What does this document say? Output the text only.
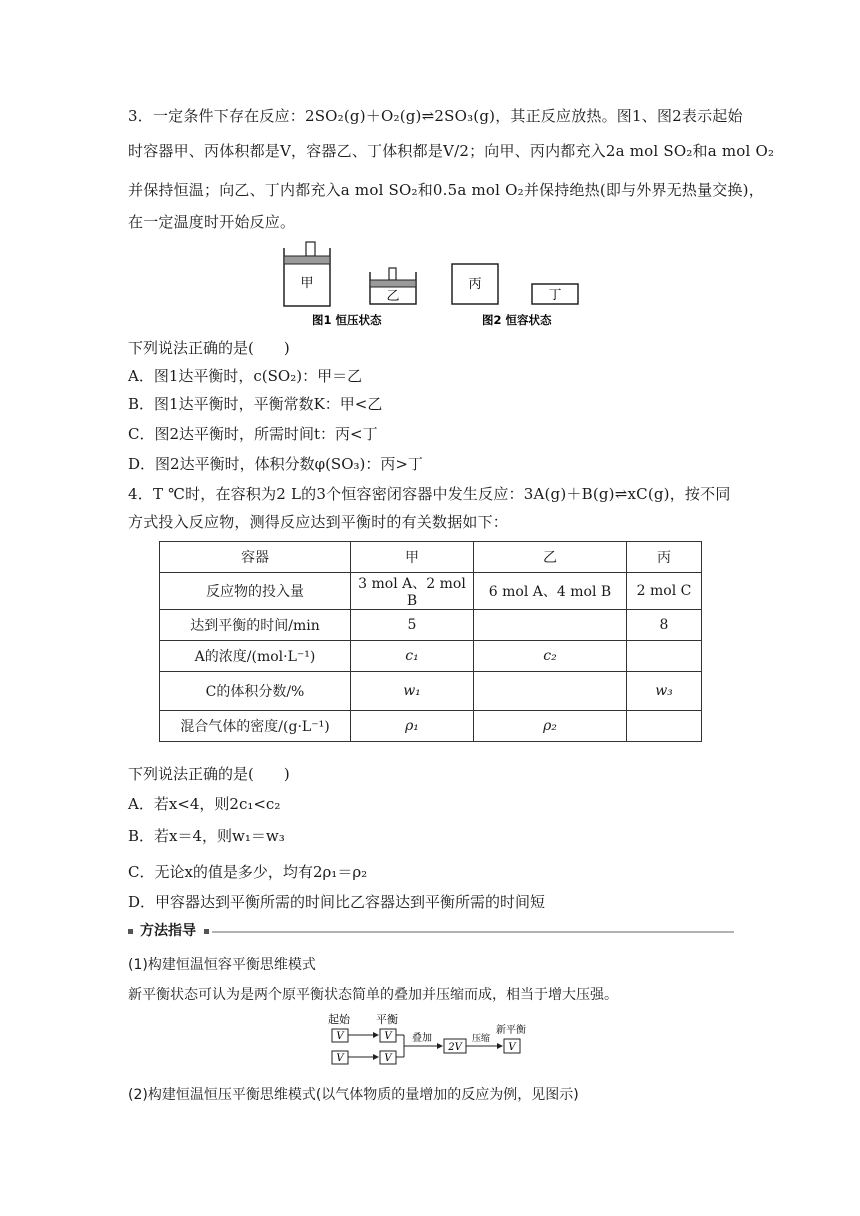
3．一定条件下存在反应：2SO₂(g)＋O₂(g)⇌2SO₃(g)，其正反应放热。图1、图2表示起始
时容器甲、丙体积都是V，容器乙、丁体积都是V/2；向甲、丙内都充入2a mol SO₂和a mol O₂
并保持恒温；向乙、丁内都充入a mol SO₂和0.5a mol O₂并保持绝热(即与外界无热量交换)，
在一定温度时开始反应。
甲
乙
丙
丁
图1 恒压状态	图2 恒容状态
下列说法正确的是(　　)
A．图1达平衡时，c(SO₂)：甲＝乙
B．图1达平衡时，平衡常数K：甲<乙
C．图2达平衡时，所需时间t：丙<丁
D．图2达平衡时，体积分数φ(SO₃)：丙>丁
4．T ℃时，在容积为2 L的3个恒容密闭容器中发生反应：3A(g)＋B(g)⇌xC(g)，按不同
方式投入反应物，测得反应达到平衡时的有关数据如下：
容器	甲	乙	丙
反应物的投入量	3 mol A、2 mol B	6 mol A、4 mol B	2 mol C
达到平衡的时间/min	5		8
A的浓度/(mol·L⁻¹)	c₁	c₂	
C的体积分数/%	w₁		w₃
混合气体的密度/(g·L⁻¹)	ρ₁	ρ₂	
下列说法正确的是(　　)
A．若x<4，则2c₁<c₂
B．若x＝4，则w₁＝w₃
C．无论x的值是多少，均有2ρ₁＝ρ₂
D．甲容器达到平衡所需的时间比乙容器达到平衡所需的时间短
方法指导
(1)构建恒温恒容平衡思维模式
新平衡状态可认为是两个原平衡状态简单的叠加并压缩而成，相当于增大压强。
起始 平衡
V	V
V	V
叠加
2V
压缩
新平衡
V
(2)构建恒温恒压平衡思维模式(以气体物质的量增加的反应为例，见图示)
